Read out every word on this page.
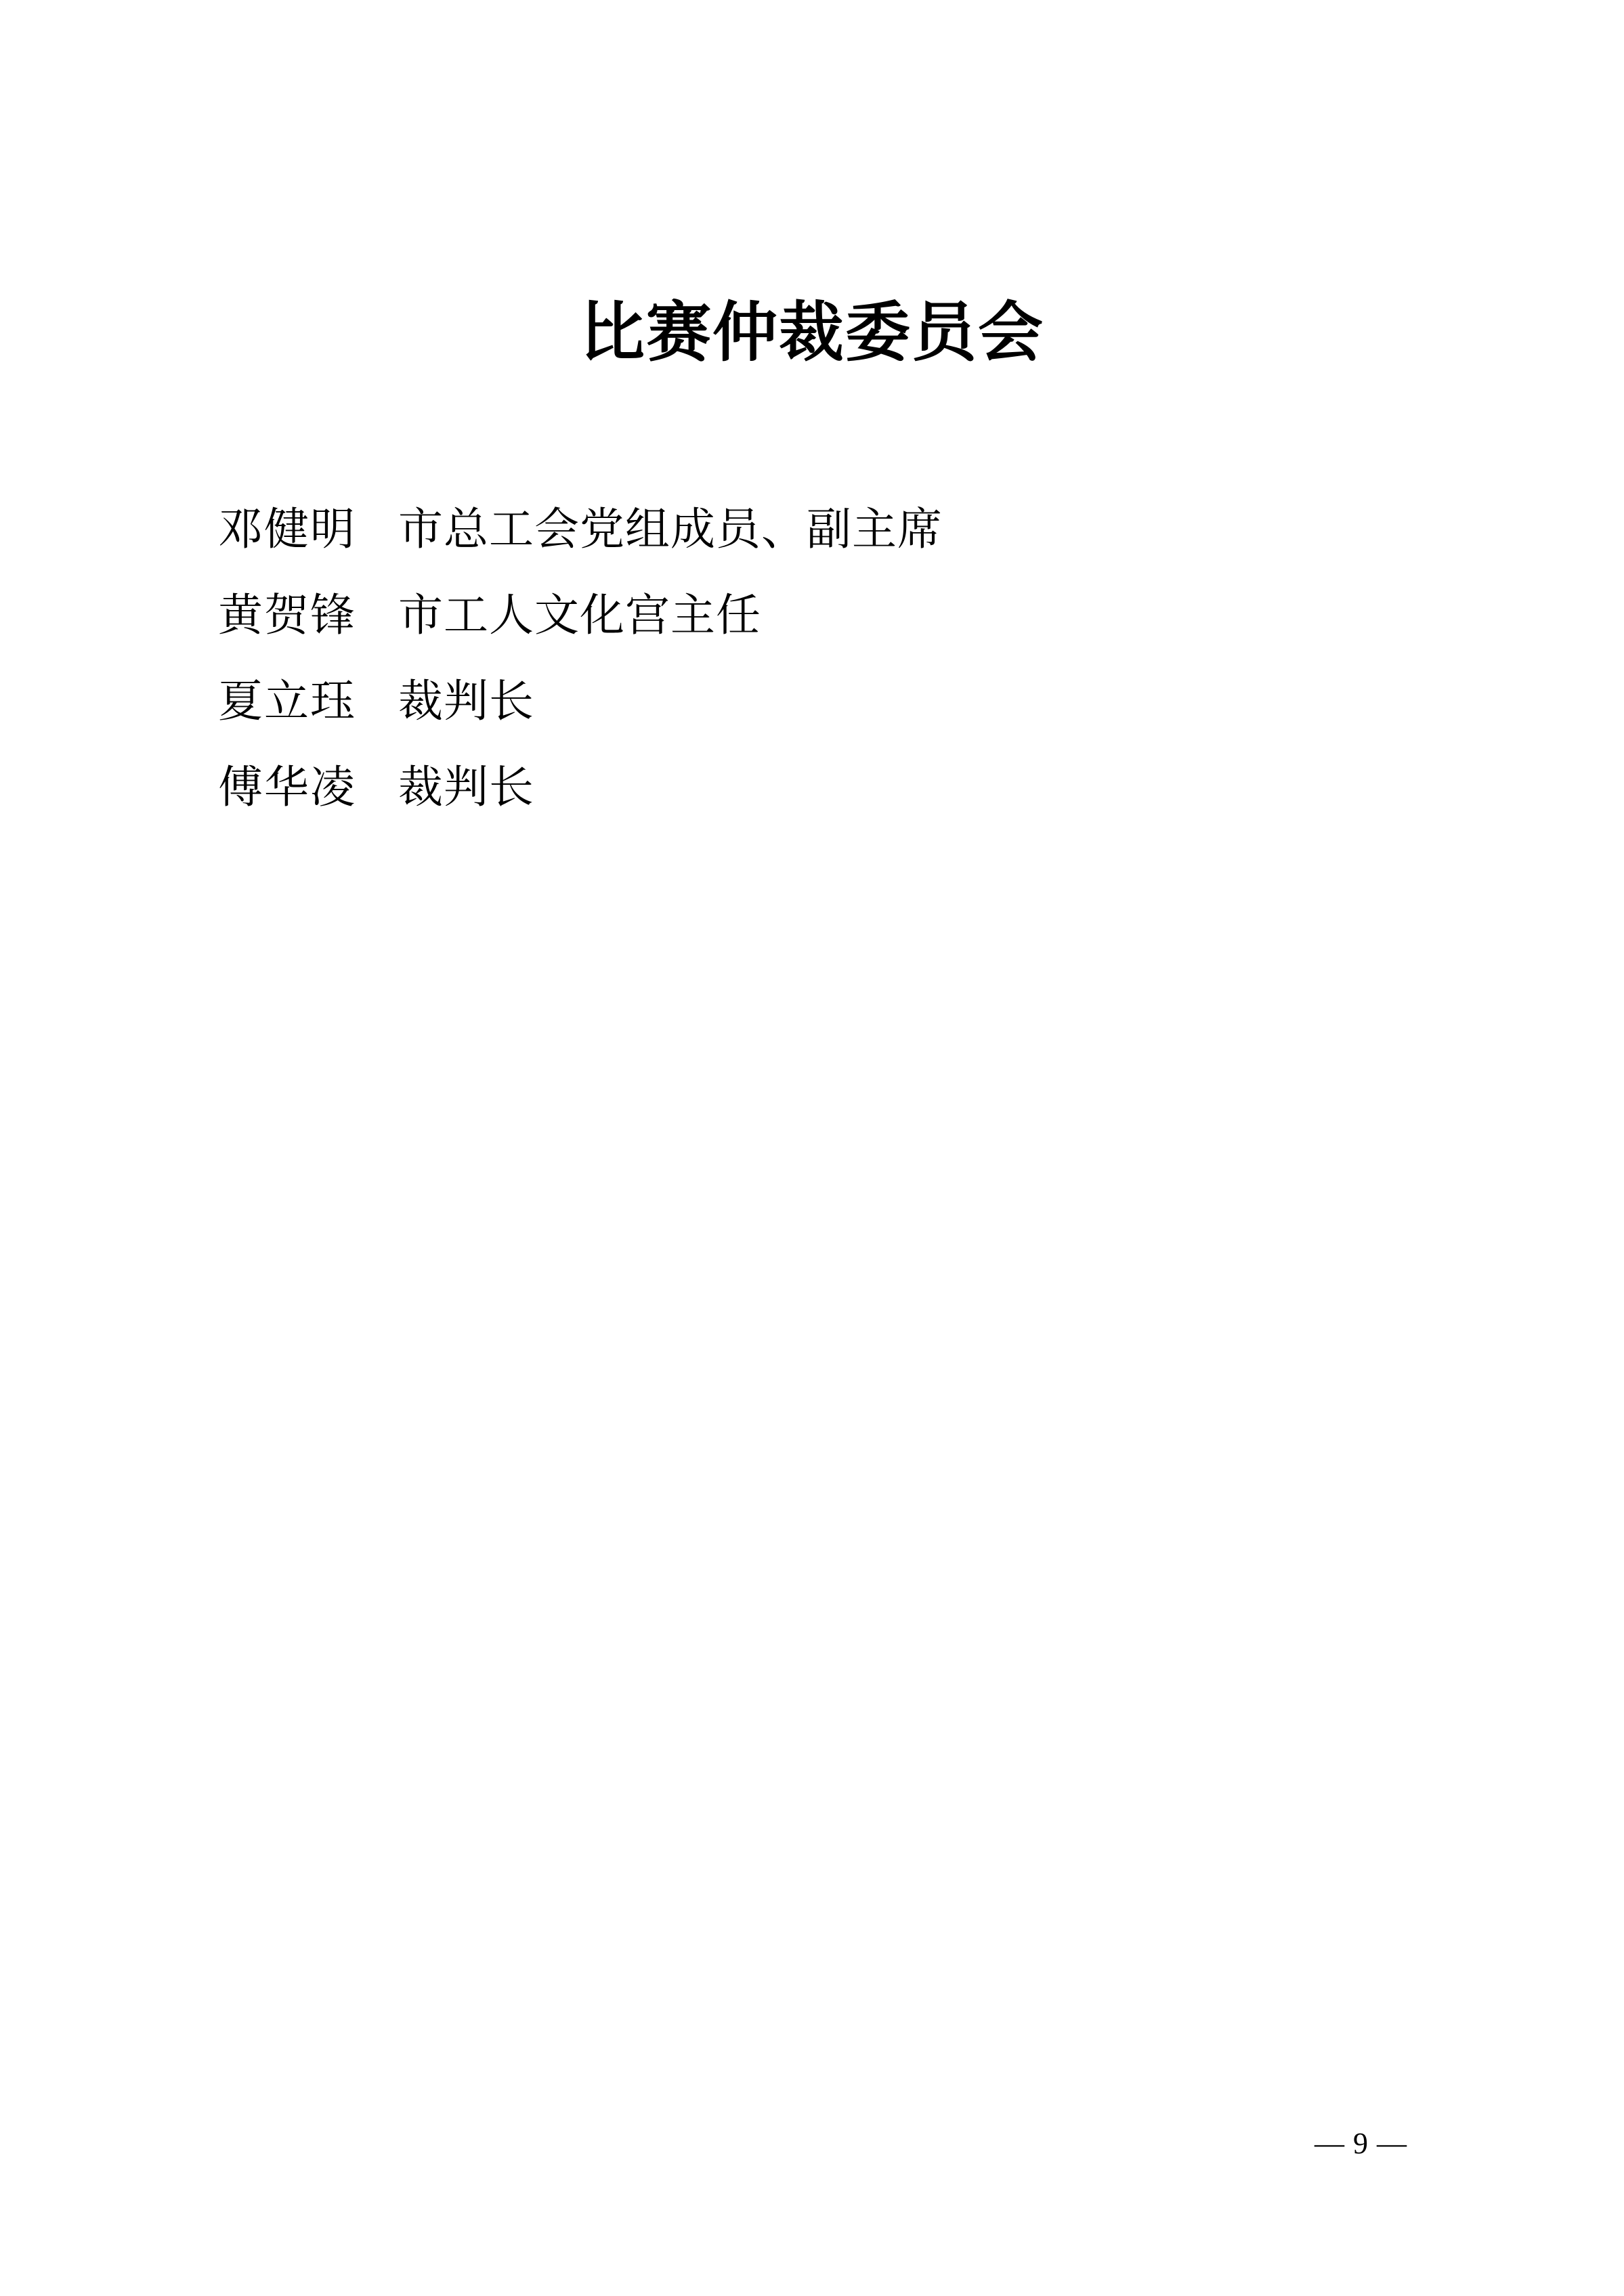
比赛仲裁委员会
邓健明 市总工会党组成员、副主席
黄贺锋 市工人文化宫主任
夏立珏 裁判长
傅华凌 裁判长
— 9 —
